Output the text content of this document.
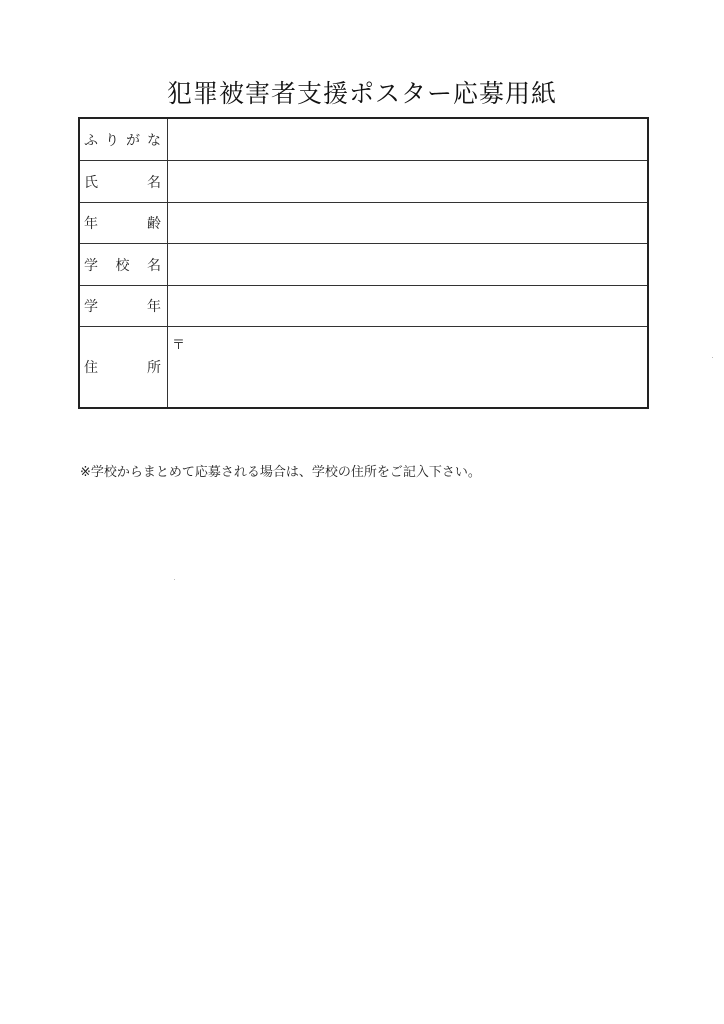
犯罪被害者支援ポスター応募用紙
ふ り が な
氏	名
年	齢
学 校 名
学	年
住	所
〒
※学校からまとめて応募される場合は、学校の住所をご記入下さい。
